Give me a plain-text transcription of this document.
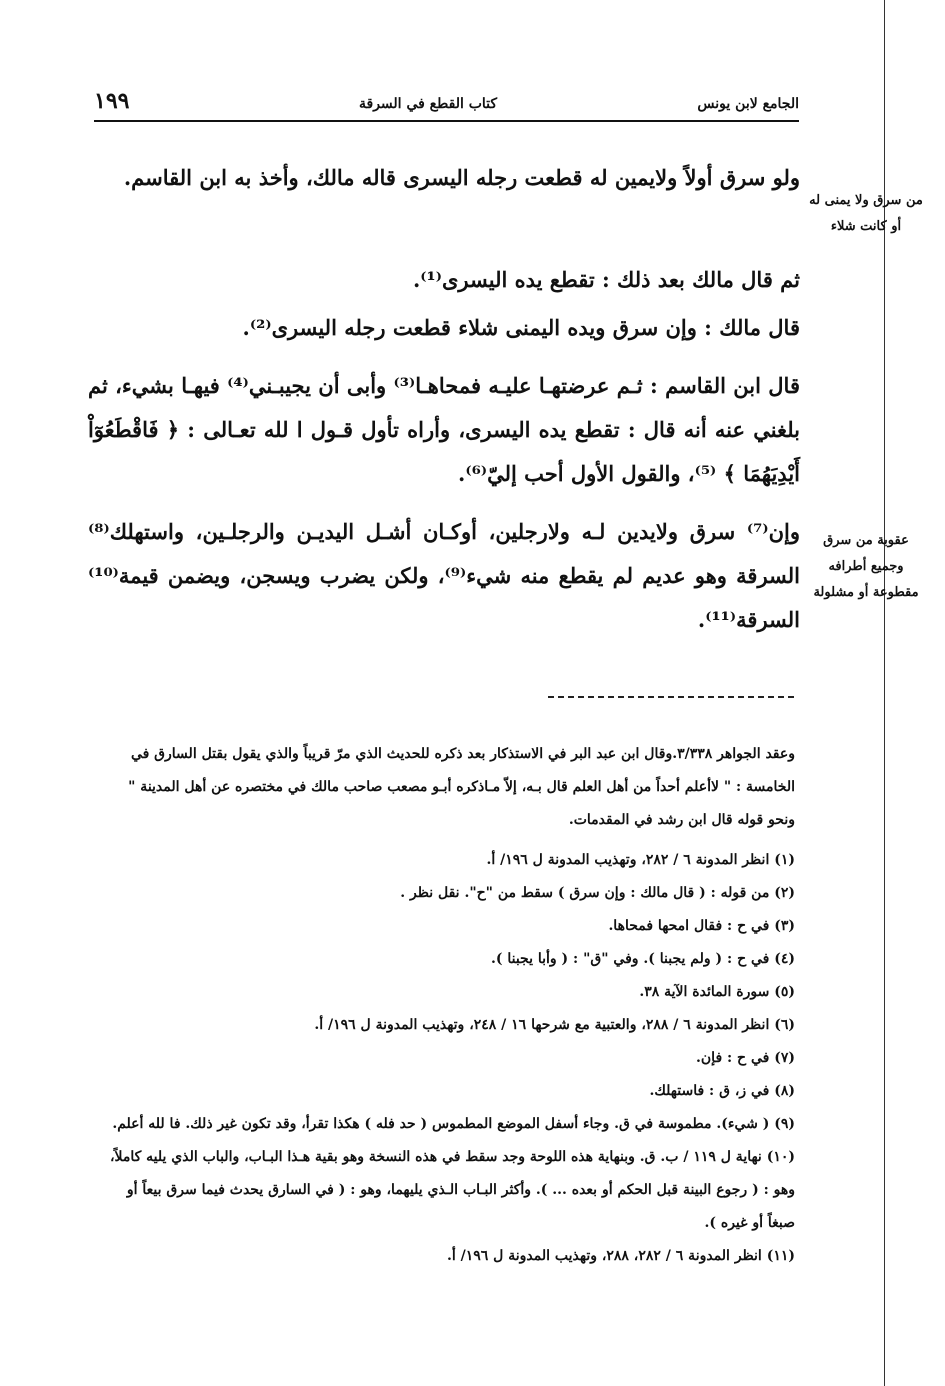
الجامع لابن يونس
كتاب القطع في السرقة
١٩٩

ولو سرق أولاً ولايمين له قطعت رجله اليسرى قاله مالك، وأخذ به ابن القاسم.

ثم قال مالك بعد ذلك : تقطع يده اليسرى⁽¹⁾.

قال مالك : وإن سرق ويده اليمنى شلاء قطعت رجله اليسرى⁽²⁾.

قال ابن القاسم : ثـم عرضتهـا عليـه فمحاهـا⁽³⁾ وأبى أن يجيبـني⁽⁴⁾ فيهـا بشيء، ثم بلغني عنه أنه قال : تقطع يده اليسرى، وأراه تأول قـول ا لله تعـالى : ﴿ فَاقْطَعُوٓاْ أَيْدِيَهُمَا ﴾ ⁽⁵⁾، والقول الأول أحب إليّ⁽⁶⁾.

وإن⁽⁷⁾ سرق ولايدين لـه ولارجلين، أوكـان أشـل اليديـن والرجلـين، واستهلك⁽⁸⁾ السرقة وهو عديم لم يقطع منه شيء⁽⁹⁾، ولكن يضرب ويسجن، ويضمن قيمة⁽¹⁰⁾ السرقة⁽¹¹⁾.

من سرق ولا يمنى له أو كانت شلاء
عقوبة من سرق وجميع أطرافه مقطوعة أو مشلولة

وعقد الجواهر ٣/٣٣٨.وقال ابن عبد البر في الاستذكار بعد ذكره للحديث الذي مرّ قريباً والذي يقول بقتل السارق في الخامسة : " لاأعلم أحداً من أهل العلم قال بـه، إلاّ مـاذكره أبـو مصعب صاحب مالك في مختصره عن أهل المدينة " ونحو قوله قال ابن رشد في المقدمات.

(١) انظر المدونة ٦ / ٢٨٢، وتهذيب المدونة ل ١٩٦/ أ.

(٢) من قوله : ( قال مالك : وإن سرق ) سقط من "ح". نقل نظر .

(٣) في ح : فقال امحها فمحاها.

(٤) في ح : ( ولم يجبنا ). وفي "ق" : ( وأبا يجبنا ).

(٥) سورة المائدة الآية ٣٨.

(٦) انظر المدونة ٦ / ٢٨٨، والعتبية مع شرحها ١٦ / ٢٤٨، وتهذيب المدونة ل ١٩٦/ أ.

(٧) في ح : فإن.

(٨) في ز، ق : فاستهلك.

(٩) ( شيء). مطموسة في ق. وجاء أسفل الموضع المطموس ( حد فله ) هكذا تقرأ، وقد تكون غير ذلك. فا لله أعلم.

(١٠) نهاية ل ١١٩ / ب. ق. وبنهاية هذه اللوحة وجد سقط في هذه النسخة وهو بقية هـذا البـاب، والباب الذي يليه كاملاً، وهو : ( رجوع البينة قبل الحكم أو بعده ... ). وأكثر البـاب الـذي يليهما، وهو : ( في السارق يحدث فيما سرق بيعاً أو صبغاً أو غيره ).

(١١) انظر المدونة ٦ / ٢٨٢، ٢٨٨، وتهذيب المدونة ل ١٩٦/ أ.
